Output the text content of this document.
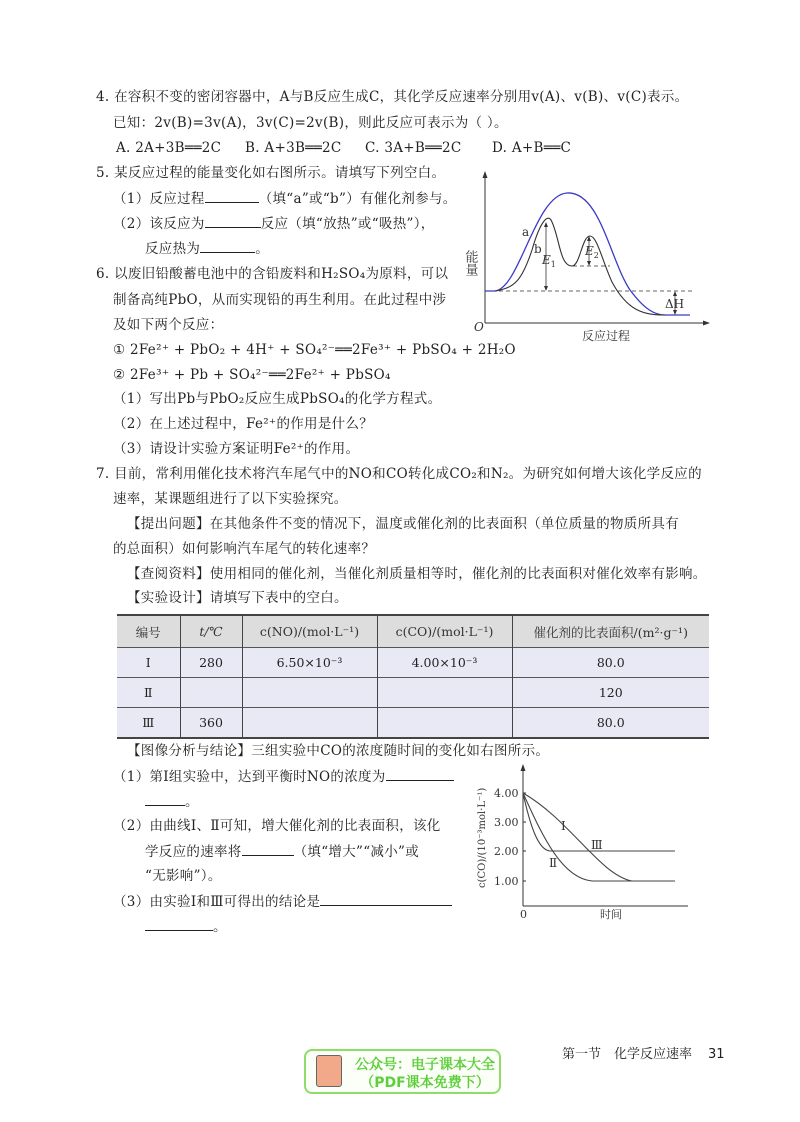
4. 在容积不变的密闭容器中，A与B反应生成C，其化学反应速率分别用v(A)、v(B)、v(C)表示。
已知：2v(B)=3v(A)，3v(C)=2v(B)，则此反应可表示为（ ）。
A. 2A+3B══2C B. A+3B══2C C. 3A+B══2C D. A+B══C
5. 某反应过程的能量变化如右图所示。请填写下列空白。
（1）反应过程	（填“a”或“b”）有催化剂参与。
（2）该反应为	反应（填“放热”或“吸热”），
反应热为	。
能量
反应过程
O
a
b
$E_1$
$E_2$
ΔH
6. 以废旧铅酸蓄电池中的含铅废料和H₂SO₄为原料，可以
制备高纯PbO，从而实现铅的再生利用。在此过程中涉
及如下两个反应：
① 2Fe²⁺ + PbO₂ + 4H⁺ + SO₄²⁻══2Fe³⁺ + PbSO₄ + 2H₂O
② 2Fe³⁺ + Pb + SO₄²⁻══2Fe²⁺ + PbSO₄
（1）写出Pb与PbO₂反应生成PbSO₄的化学方程式。
（2）在上述过程中，Fe²⁺的作用是什么？
（3）请设计实验方案证明Fe²⁺的作用。
7. 目前，常利用催化技术将汽车尾气中的NO和CO转化成CO₂和N₂。为研究如何增大该化学反应的
速率，某课题组进行了以下实验探究。
【提出问题】在其他条件不变的情况下，温度或催化剂的比表面积（单位质量的物质所具有
的总面积）如何影响汽车尾气的转化速率？
【查阅资料】使用相同的催化剂，当催化剂质量相等时，催化剂的比表面积对催化效率有影响。
【实验设计】请填写下表中的空白。
编号	t/℃	c(NO)/(mol·L⁻¹)	c(CO)/(mol·L⁻¹)	催化剂的比表面积/(m²·g⁻¹)
Ⅰ	280	6.50×10⁻³	4.00×10⁻³	80.0
Ⅱ				120
Ⅲ	360			80.0
【图像分析与结论】三组实验中CO的浓度随时间的变化如右图所示。
（1）第Ⅰ组实验中，达到平衡时NO的浓度为
。
（2）由曲线Ⅰ、Ⅱ可知，增大催化剂的比表面积，该化
学反应的速率将	（填“增大”“减小”或
“无影响”）。
（3）由实验Ⅰ和Ⅲ可得出的结论是
。
4.00
3.00
2.00
1.00
0	时间
c(CO)/(10⁻³mol·L⁻¹)	Ⅰ
Ⅱ
Ⅲ
公众号：电子课本大全
（PDF课本免费下）
第一节　化学反应速率 31
